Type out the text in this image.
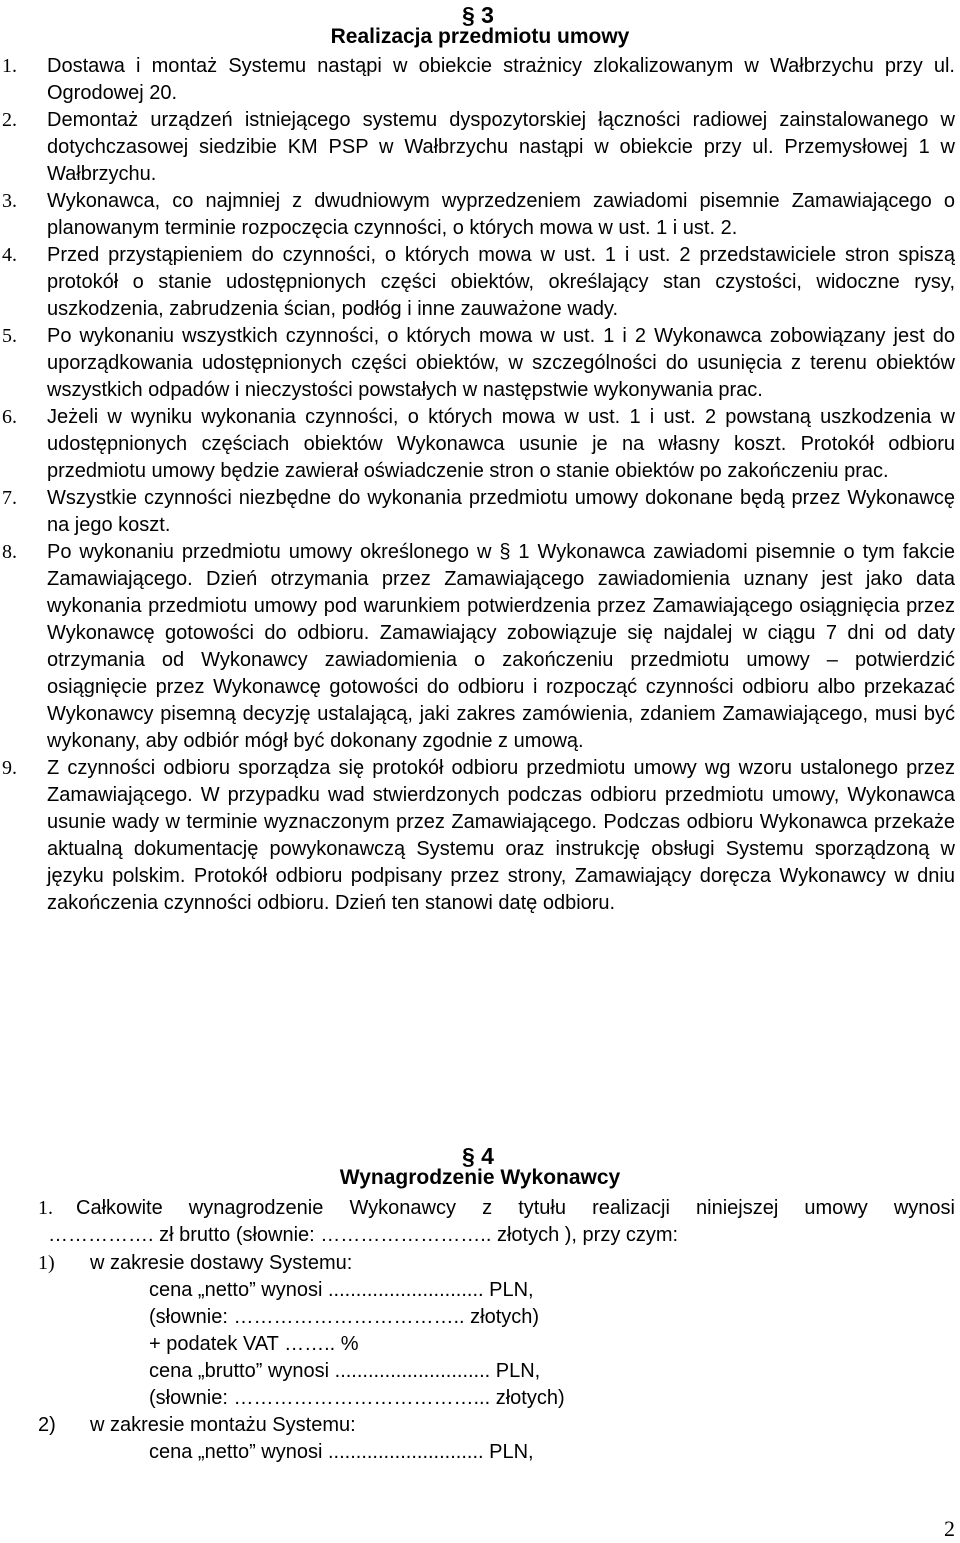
§ 3
Realizacja przedmiotu umowy
1. Dostawa i montaż Systemu nastąpi w obiekcie strażnicy zlokalizowanym w Wałbrzychu przy ul. Ogrodowej 20.
2. Demontaż urządzeń istniejącego systemu dyspozytorskiej łączności radiowej zainstalowanego w dotychczasowej siedzibie KM PSP w Wałbrzychu nastąpi w obiekcie przy ul. Przemysłowej 1 w Wałbrzychu.
3. Wykonawca, co najmniej z dwudniowym wyprzedzeniem zawiadomi pisemnie Zamawiającego o planowanym terminie rozpoczęcia czynności, o których mowa w ust. 1 i ust. 2.
4. Przed przystąpieniem do czynności, o których mowa w ust. 1 i ust. 2 przedstawiciele stron spiszą protokół o stanie udostępnionych części obiektów, określający stan czystości, widoczne rysy, uszkodzenia, zabrudzenia ścian, podłóg i inne zauważone wady.
5. Po wykonaniu wszystkich czynności, o których mowa w ust. 1 i 2 Wykonawca zobowiązany jest do uporządkowania udostępnionych części obiektów, w szczególności do usunięcia z terenu obiektów wszystkich odpadów i nieczystości powstałych w następstwie wykonywania prac.
6. Jeżeli w wyniku wykonania czynności, o których mowa w ust. 1 i ust. 2 powstaną uszkodzenia w udostępnionych częściach obiektów Wykonawca usunie je na własny koszt. Protokół odbioru przedmiotu umowy będzie zawierał oświadczenie stron o stanie obiektów po zakończeniu prac.
7. Wszystkie czynności niezbędne do wykonania przedmiotu umowy dokonane będą przez Wykonawcę na jego koszt.
8. Po wykonaniu przedmiotu umowy określonego w § 1 Wykonawca zawiadomi pisemnie o tym fakcie Zamawiającego. Dzień otrzymania przez Zamawiającego zawiadomienia uznany jest jako data wykonania przedmiotu umowy pod warunkiem potwierdzenia przez Zamawiającego osiągnięcia przez Wykonawcę gotowości do odbioru. Zamawiający zobowiązuje się najdalej w ciągu 7 dni od daty otrzymania od Wykonawcy zawiadomienia o zakończeniu przedmiotu umowy – potwierdzić osiągnięcie przez Wykonawcę gotowości do odbioru i rozpocząć czynności odbioru albo przekazać Wykonawcy pisemną decyzję ustalającą, jaki zakres zamówienia, zdaniem Zamawiającego, musi być wykonany, aby odbiór mógł być dokonany zgodnie z umową.
9. Z czynności odbioru sporządza się protokół odbioru przedmiotu umowy wg wzoru ustalonego przez Zamawiającego. W przypadku wad stwierdzonych podczas odbioru przedmiotu umowy, Wykonawca usunie wady w terminie wyznaczonym przez Zamawiającego. Podczas odbioru Wykonawca przekaże aktualną dokumentację powykonawczą Systemu oraz instrukcję obsługi Systemu sporządzoną w języku polskim. Protokół odbioru podpisany przez strony, Zamawiający doręcza Wykonawcy w dniu zakończenia czynności odbioru. Dzień ten stanowi datę odbioru.
§ 4
Wynagrodzenie Wykonawcy
1. Całkowite wynagrodzenie Wykonawcy z tytułu realizacji niniejszej umowy wynosi
……………. zł brutto (słownie: …………………….. złotych ), przy czym:
1) w zakresie dostawy Systemu:
cena „netto” wynosi ............................ PLN,
(słownie: …………………………….. złotych)
+ podatek VAT …….. %
cena „brutto” wynosi ............................ PLN,
(słownie: ………………………………... złotych)
2) w zakresie montażu Systemu:
cena „netto” wynosi ............................ PLN,
2
